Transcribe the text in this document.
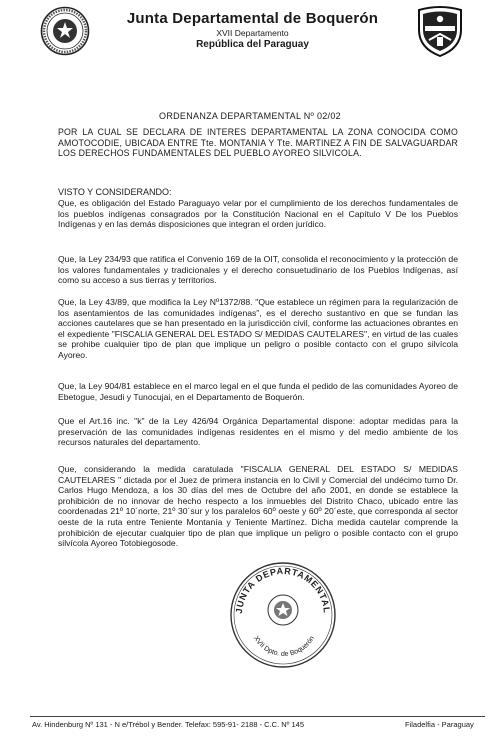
Junta Departamental de Boquerón
XVII Departamento
República del Paraguay
ORDENANZA DEPARTAMENTAL Nº 02/02
POR LA CUAL SE DECLARA DE INTERES DEPARTAMENTAL LA ZONA CONOCIDA COMO AMOTOCODIE, UBICADA ENTRE Tte. MONTANIA Y Tte. MARTINEZ A FIN DE SALVAGUARDAR LOS DERECHOS FUNDAMENTALES DEL PUEBLO AYOREO SILVICOLA.
VISTO Y CONSIDERANDO:

Que, es obligación del Estado Paraguayo velar por el cumplimiento de los derechos fundamentales de los pueblos indígenas consagrados por la Constitución Nacional en el Capítulo V De los Pueblos Indígenas y en las demás disposiciones que integran el orden jurídico.

Que, la Ley 234/93 que ratifica el Convenio 169 de la OIT, consolida el reconocimiento y la protección de los valores fundamentales y tradicionales y el derecho consuetudinario de los Pueblos Indígenas, así como su acceso a sus tierras y territorios.

Que, la Ley 43/89, que modifica la Ley Nº1372/88. "Que establece un régimen para la regularización de los asentamientos de las comunidades indígenas", es el derecho sustantivo en que se fundan las acciones cautelares que se han presentado en la jurisdicción civil, conforme las actuaciones obrantes en el expediente "FISCALIA GENERAL DEL ESTADO S/ MEDIDAS CAUTELARES", en virtud de las cuales se prohibe cualquier tipo de plan que implique un peligro o posible contacto con el grupo silvícola Ayoreo.

Que, la Ley 904/81 establece en el marco legal en el que funda el pedido de las comunidades Ayoreo de Ebetogue, Jesudi y Tunocujai, en el Departamento de Boquerón.

Que el Art.16 inc. "k" de la Ley 426/94 Orgánica Departamental dispone: adoptar medidas para la preservación de las comunidades indígenas residentes en el mismo y del medio ambiente de los recursos naturales del departamento.

Que, considerando la medida caratulada "FISCALIA GENERAL DEL ESTADO S/ MEDIDAS CAUTELARES " dictada por el Juez de primera instancia en lo Civil y Comercial del undécimo turno Dr. Carlos Hugo Mendoza, a los 30 días del mes de Octubre del año 2001, en donde se establece la prohibición de no innovar de hecho respecto a los inmuebles del Distrito Chaco, ubicado entre las coordenadas 21º 10´norte, 21º 30´sur y los paralelos 60º oeste y 60º 20´este, que corresponda al sector oeste de la ruta entre Teniente Montanía y Teniente Martínez. Dicha medida cautelar comprende la prohibición de ejecutar cualquier tipo de plan que implique un peligro o posible contacto con el grupo silvícola Ayoreo Totobiegosode.

JUNTA DEPARTAMENTAL
XVII Dpto. de Boquerón
Av. Hindenburg Nº 131 - N e/Trébol y Bender. Telefax: 595-91- 2188 - C.C. Nº 145	Filadelfia - Paraguay
